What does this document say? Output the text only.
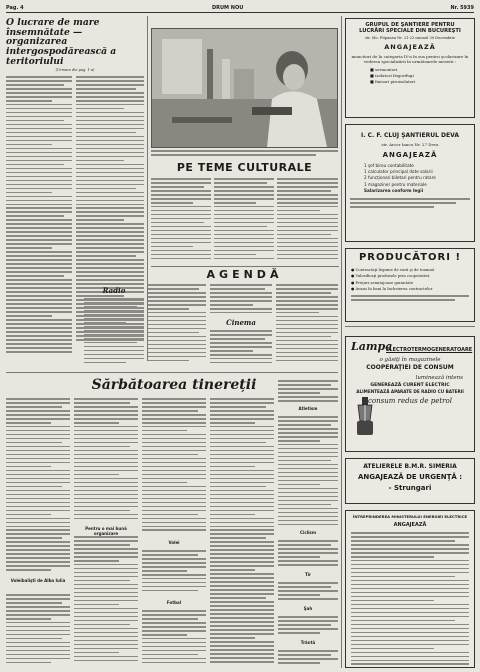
Pag. 4	DRUM NOU	Nr. 5939
O lucrare de mare însemnătate — organizarea intergospodărească a teritoriului
(Urmare din pag. 1-a)
PE TEME CULTURALE
AGENDĂ
Radio
Cinema
Sărbătoarea tinereții
Voleibalişti de Alba Iulia
Pentru o mai bună organizare
Volei
Fotbal
Atletism
Ciclism
Tir
Şah
Trântă
GRUPUL DE ŞANTIERE PENTRU
LUCRĂRI SPECIALE DIN BUCUREŞTI
str. Mo. Pitpanea Nr. 21-23 raionul 30 Decembrie
ANGAJEAZĂ
muncitori de la categoria IV-a în sus pentru şcolarizare în vederea specializării în următoarele meserii :
■ sermontori
■ izolatori frigorifugi
■ finisori piroisolatori
I. C. F. CLUJ ŞANTIERUL DEVA
str. Arcor Iancu Nr. 27 Deva
ANGAJEAZĂ
1 şef birou contabilitate
1 calculator principal date salarii
2 funcţionari biletari pentru ratare
1 magaziner pentru materiale
Salarizarea conform legii
PRODUCĂTORI !
● Contractaţi legume de vară şi de toamnă
● Valorificaţi produsele prin cooperativă
● Preţuri avantajoase garantate
● Avans în bani la încheierea contractelor
Lampa
ELECTROTERMOGENERATOARE
o găsiţi în magazinele
COOPERAŢIEI DE CONSUM
luminează intens
GENEREAZĂ CURENT ELECTRIC
ALIMENTEAZĂ APARATE DE RADIO CU BATERII
consum redus de petrol
ATELIERELE B.M.R. SIMERIA
ANGAJEAZĂ DE URGENŢĂ :
- Strungari
ÎNTREPRINDEREA MINISTERULUI ENERGIEI ELECTRICE
ANGAJEAZĂ
